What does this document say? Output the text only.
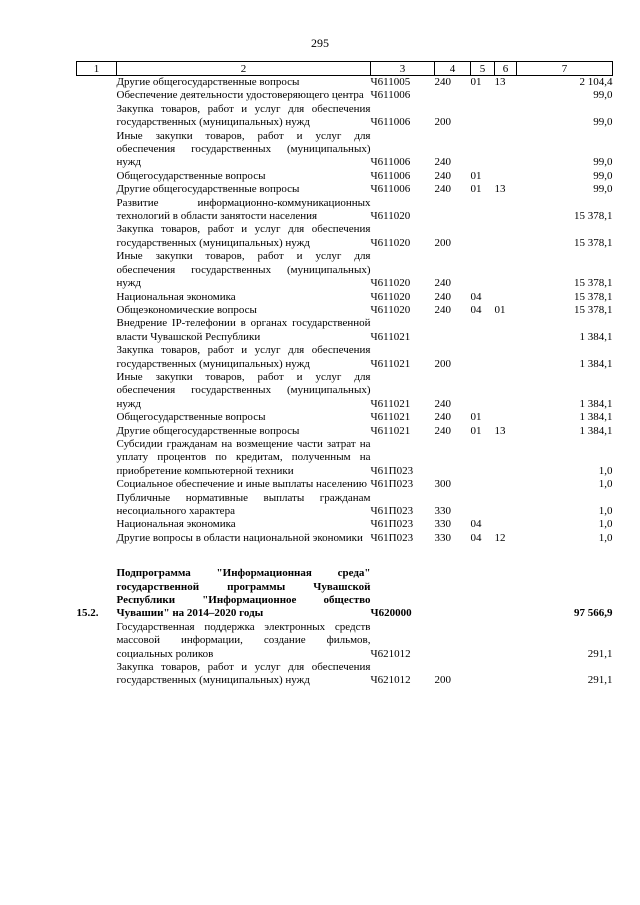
295
1	2	3	4	5	6	7
	Другие общегосударственные вопросы	Ч611005	240	01	13	2 104,4
	Обеспечение деятельности удостоверяющего центра	Ч611006				99,0
	Закупка товаров, работ и услуг для обеспечения государственных (муниципальных) нужд	Ч611006	200			99,0
	Иные закупки товаров, работ и услуг для обеспечения государственных (муниципальных) нужд	Ч611006	240			99,0
	Общегосударственные вопросы	Ч611006	240	01		99,0
	Другие общегосударственные вопросы	Ч611006	240	01	13	99,0
	Развитие информационно-коммуникационных технологий в области занятости населения	Ч611020				15 378,1
	Закупка товаров, работ и услуг для обеспечения государственных (муниципальных) нужд	Ч611020	200			15 378,1
	Иные закупки товаров, работ и услуг для обеспечения государственных (муниципальных) нужд	Ч611020	240			15 378,1
	Национальная экономика	Ч611020	240	04		15 378,1
	Общеэкономические вопросы	Ч611020	240	04	01	15 378,1
	Внедрение IP-телефонии в органах государственной власти Чувашской Республики	Ч611021				1 384,1
	Закупка товаров, работ и услуг для обеспечения государственных (муниципальных) нужд	Ч611021	200			1 384,1
	Иные закупки товаров, работ и услуг для обеспечения государственных (муниципальных) нужд	Ч611021	240			1 384,1
	Общегосударственные вопросы	Ч611021	240	01		1 384,1
	Другие общегосударственные вопросы	Ч611021	240	01	13	1 384,1
	Субсидии гражданам на возмещение части затрат на уплату процентов по кредитам, полученным на приобретение компьютерной техники	Ч61П023				1,0
	Социальное обеспечение и иные выплаты населению	Ч61П023	300			1,0
	Публичные нормативные выплаты гражданам несоциального характера	Ч61П023	330			1,0
	Национальная экономика	Ч61П023	330	04		1,0
	Другие вопросы в области национальной экономики	Ч61П023	330	04	12	1,0

15.2.	Подпрограмма "Информационная среда" государственной программы Чувашской Республики "Информационное общество Чувашии" на 2014–2020 годы	Ч620000				97 566,9
	Государственная поддержка электронных средств массовой информации, создание фильмов, социальных роликов	Ч621012				291,1
	Закупка товаров, работ и услуг для обеспечения государственных (муниципальных) нужд	Ч621012	200			291,1
